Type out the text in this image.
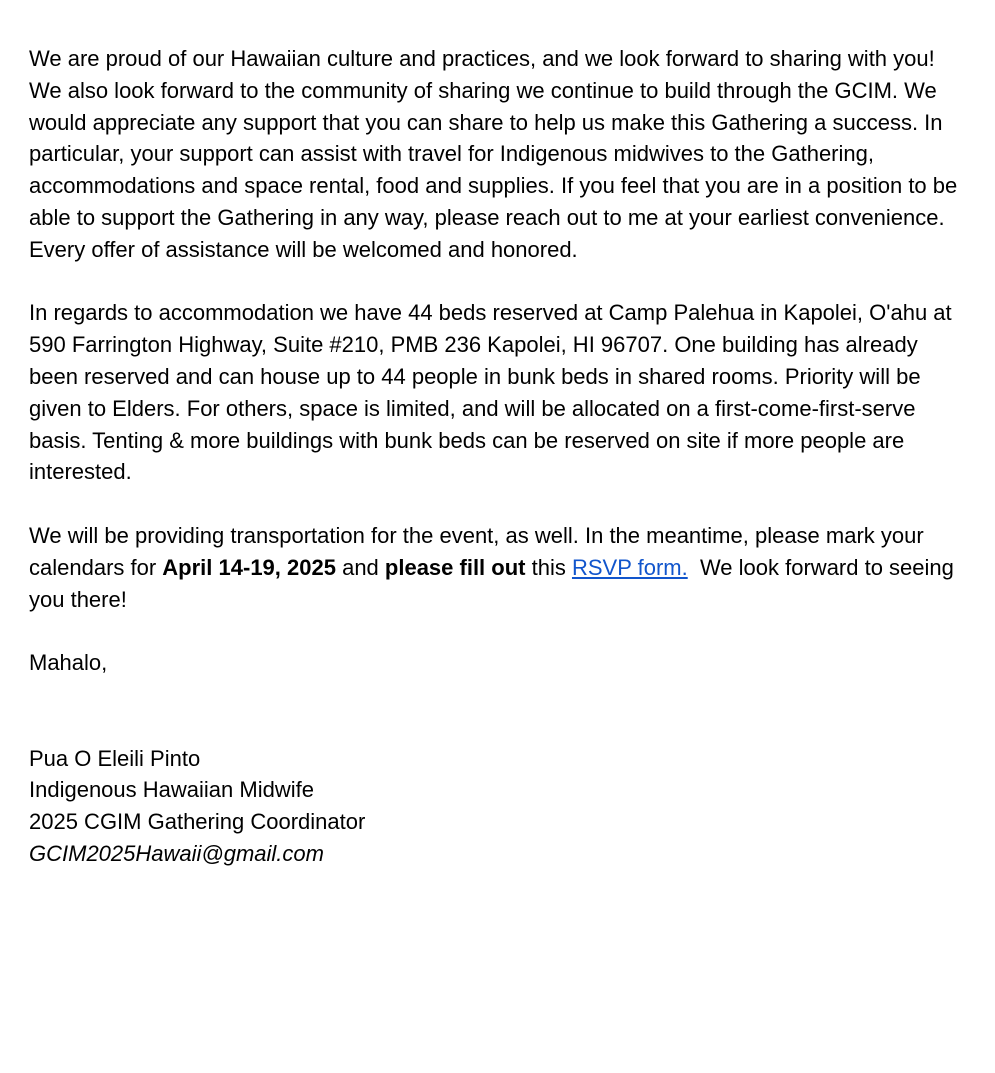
We are proud of our Hawaiian culture and practices, and we look forward to sharing with you! We also look forward to the community of sharing we continue to build through the GCIM. We would appreciate any support that you can share to help us make this Gathering a success. In particular, your support can assist with travel for Indigenous midwives to the Gathering, accommodations and space rental, food and supplies. If you feel that you are in a position to be able to support the Gathering in any way, please reach out to me at your earliest convenience. Every offer of assistance will be welcomed and honored.

In regards to accommodation we have 44 beds reserved at Camp Palehua in Kapolei, O'ahu at 590 Farrington Highway, Suite #210, PMB 236 Kapolei, HI 96707. One building has already been reserved and can house up to 44 people in bunk beds in shared rooms. Priority will be given to Elders. For others, space is limited, and will be allocated on a first-come-first-serve basis. Tenting & more buildings with bunk beds can be reserved on site if more people are interested.

We will be providing transportation for the event, as well. In the meantime, please mark your calendars for April 14-19, 2025 and please fill out this RSVP form.  We look forward to seeing you there!

Mahalo,

Pua O Eleili Pinto
Indigenous Hawaiian Midwife
2025 CGIM Gathering Coordinator
GCIM2025Hawaii@gmail.com
